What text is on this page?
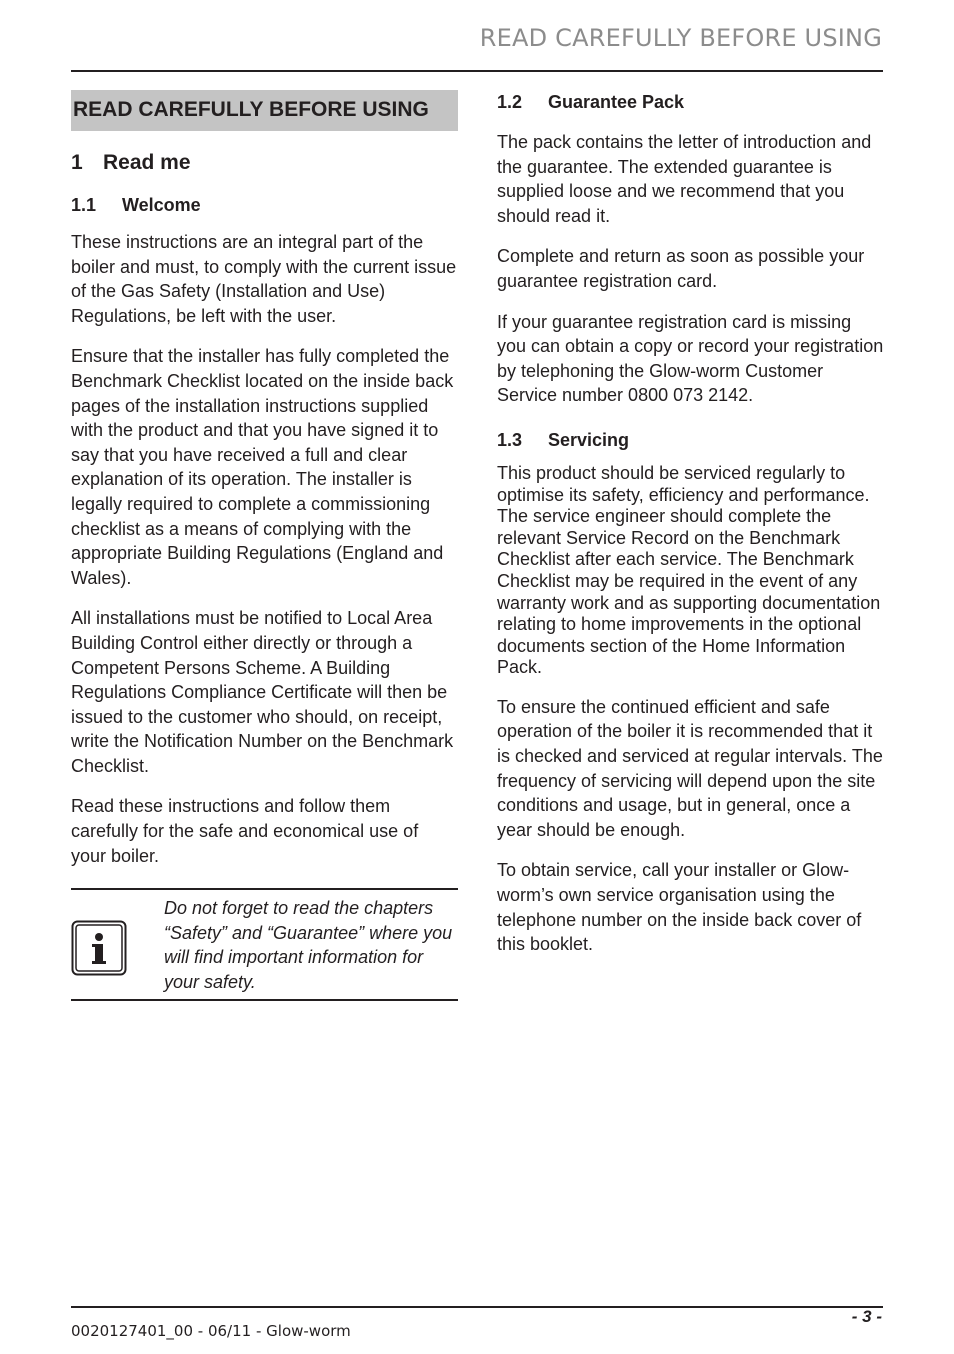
READ CAREFULLY BEFORE USING
READ CAREFULLY BEFORE USING
1 Read me
1.1 Welcome

These instructions are an integral part of the boiler and must, to comply with the current issue of the Gas Safety (Installation and Use) Regulations, be left with the user.

Ensure that the installer has fully completed the Benchmark Checklist located on the inside back pages of the installation instructions supplied with the product and that you have signed it to say that you have received a full and clear explanation of its operation. The installer is legally required to complete a commissioning checklist as a means of complying with the appropriate Building Regulations (England and Wales).

All installations must be notified to Local Area Building Control either directly or through a Competent Persons Scheme. A Building Regulations Compliance Certificate will then be issued to the customer who should, on receipt, write the Notification Number on the Benchmark Checklist.

Read these instructions and follow them carefully for the safe and economical use of your boiler.

Do not forget to read the chapters “Safety” and “Guarantee” where you will find important information for your safety.
1.2 Guarantee Pack

The pack contains the letter of introduction and the guarantee. The extended guarantee is supplied loose and we recommend that you should read it.

Complete and return as soon as possible your guarantee registration card.

If your guarantee registration card is missing you can obtain a copy or record your registration by telephoning the Glow-worm Customer Service number 0800 073 2142.

1.3 Servicing

This product should be serviced regularly to optimise its safety, efficiency and performance. The service engineer should complete the relevant Service Record on the Benchmark Checklist after each service. The Benchmark Checklist may be required in the event of any warranty work and as supporting documentation relating to home improvements in the optional documents section of the Home Information Pack.

To ensure the continued efficient and safe operation of the boiler it is recommended that it is checked and serviced at regular intervals. The frequency of servicing will depend upon the site conditions and usage, but in general, once a year should be enough.

To obtain service, call your installer or Glow-worm’s own service organisation using the telephone number on the inside back cover of this booklet.

0020127401_00 - 06/11 - Glow-worm
- 3 -
